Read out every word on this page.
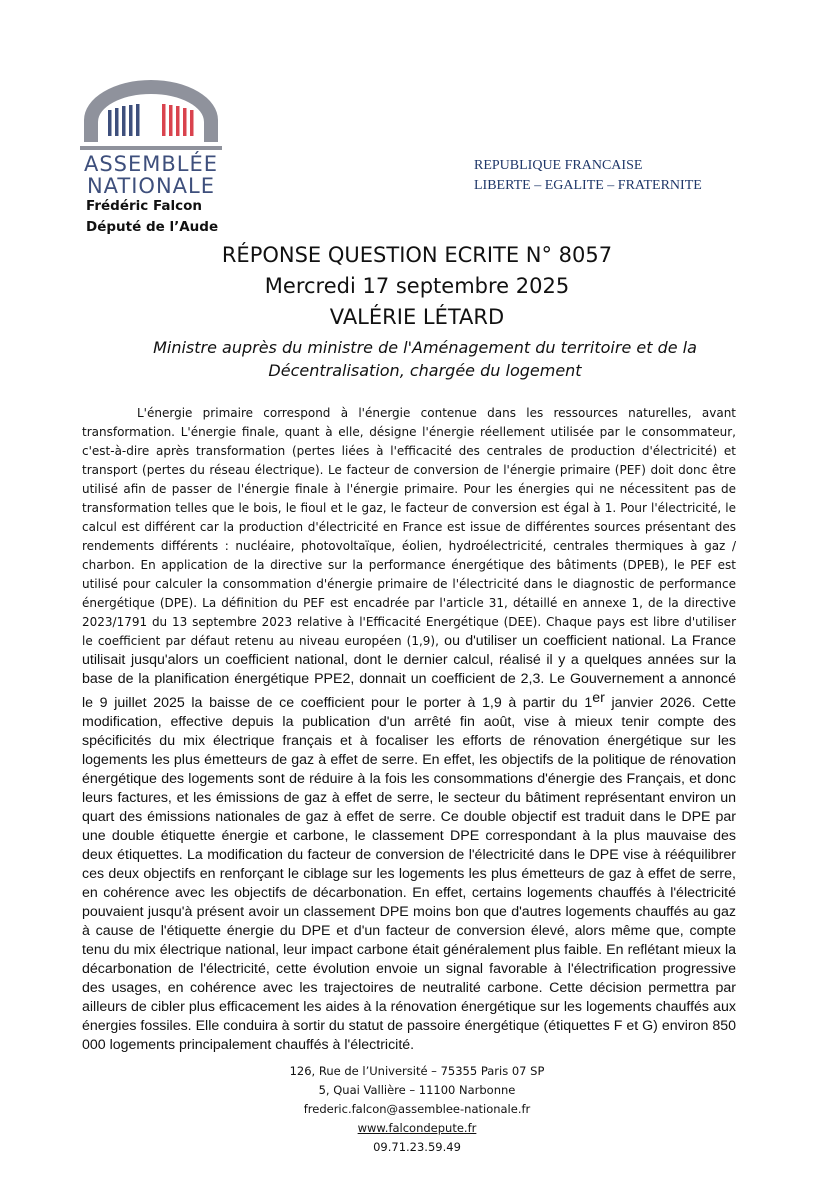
ASSEMBLÉE
NATIONALE
Frédéric Falcon
Député de l’Aude
REPUBLIQUE FRANCAISE
LIBERTE – EGALITE – FRATERNITE
RÉPONSE QUESTION ECRITE N° 8057
Mercredi 17 septembre 2025
VALÉRIE LÉTARD
Ministre auprès du ministre de l'Aménagement du territoire et de la Décentralisation, chargée du logement
L'énergie primaire correspond à l'énergie contenue dans les ressources naturelles, avant transformation. L'énergie finale, quant à elle, désigne l'énergie réellement utilisée par le consommateur, c'est-à-dire après transformation (pertes liées à l'efficacité des centrales de production d'électricité) et transport (pertes du réseau électrique). Le facteur de conversion de l'énergie primaire (PEF) doit donc être utilisé afin de passer de l'énergie finale à l'énergie primaire. Pour les énergies qui ne nécessitent pas de transformation telles que le bois, le fioul et le gaz, le facteur de conversion est égal à 1. Pour l'électricité, le calcul est différent car la production d'électricité en France est issue de différentes sources présentant des rendements différents : nucléaire, photovoltaïque, éolien, hydroélectricité, centrales thermiques à gaz / charbon. En application de la directive sur la performance énergétique des bâtiments (DPEB), le PEF est utilisé pour calculer la consommation d'énergie primaire de l'électricité dans le diagnostic de performance énergétique (DPE). La définition du PEF est encadrée par l'article 31, détaillé en annexe 1, de la directive 2023/1791 du 13 septembre 2023 relative à l'Efficacité Energétique (DEE). Chaque pays est libre d'utiliser le coefficient par défaut retenu au niveau européen (1,9), ou d'utiliser un coefficient national. La France utilisait jusqu'alors un coefficient national, dont le dernier calcul, réalisé il y a quelques années sur la base de la planification énergétique PPE2, donnait un coefficient de 2,3. Le Gouvernement a annoncé le 9 juillet 2025 la baisse de ce coefficient pour le porter à 1,9 à partir du 1er janvier 2026. Cette modification, effective depuis la publication d'un arrêté fin août, vise à mieux tenir compte des spécificités du mix électrique français et à focaliser les efforts de rénovation énergétique sur les logements les plus émetteurs de gaz à effet de serre. En effet, les objectifs de la politique de rénovation énergétique des logements sont de réduire à la fois les consommations d'énergie des Français, et donc leurs factures, et les émissions de gaz à effet de serre, le secteur du bâtiment représentant environ un quart des émissions nationales de gaz à effet de serre. Ce double objectif est traduit dans le DPE par une double étiquette énergie et carbone, le classement DPE correspondant à la plus mauvaise des deux étiquettes. La modification du facteur de conversion de l'électricité dans le DPE vise à rééquilibrer ces deux objectifs en renforçant le ciblage sur les logements les plus émetteurs de gaz à effet de serre, en cohérence avec les objectifs de décarbonation. En effet, certains logements chauffés à l'électricité pouvaient jusqu'à présent avoir un classement DPE moins bon que d'autres logements chauffés au gaz à cause de l'étiquette énergie du DPE et d'un facteur de conversion élevé, alors même que, compte tenu du mix électrique national, leur impact carbone était généralement plus faible. En reflétant mieux la décarbonation de l'électricité, cette évolution envoie un signal favorable à l'électrification progressive des usages, en cohérence avec les trajectoires de neutralité carbone. Cette décision permettra par ailleurs de cibler plus efficacement les aides à la rénovation énergétique sur les logements chauffés aux énergies fossiles. Elle conduira à sortir du statut de passoire énergétique (étiquettes F et G) environ 850 000 logements principalement chauffés à l'électricité.
126, Rue de l’Université – 75355 Paris 07 SP
5, Quai Vallière – 11100 Narbonne
frederic.falcon@assemblee-nationale.fr
www.falcondepute.fr
09.71.23.59.49
